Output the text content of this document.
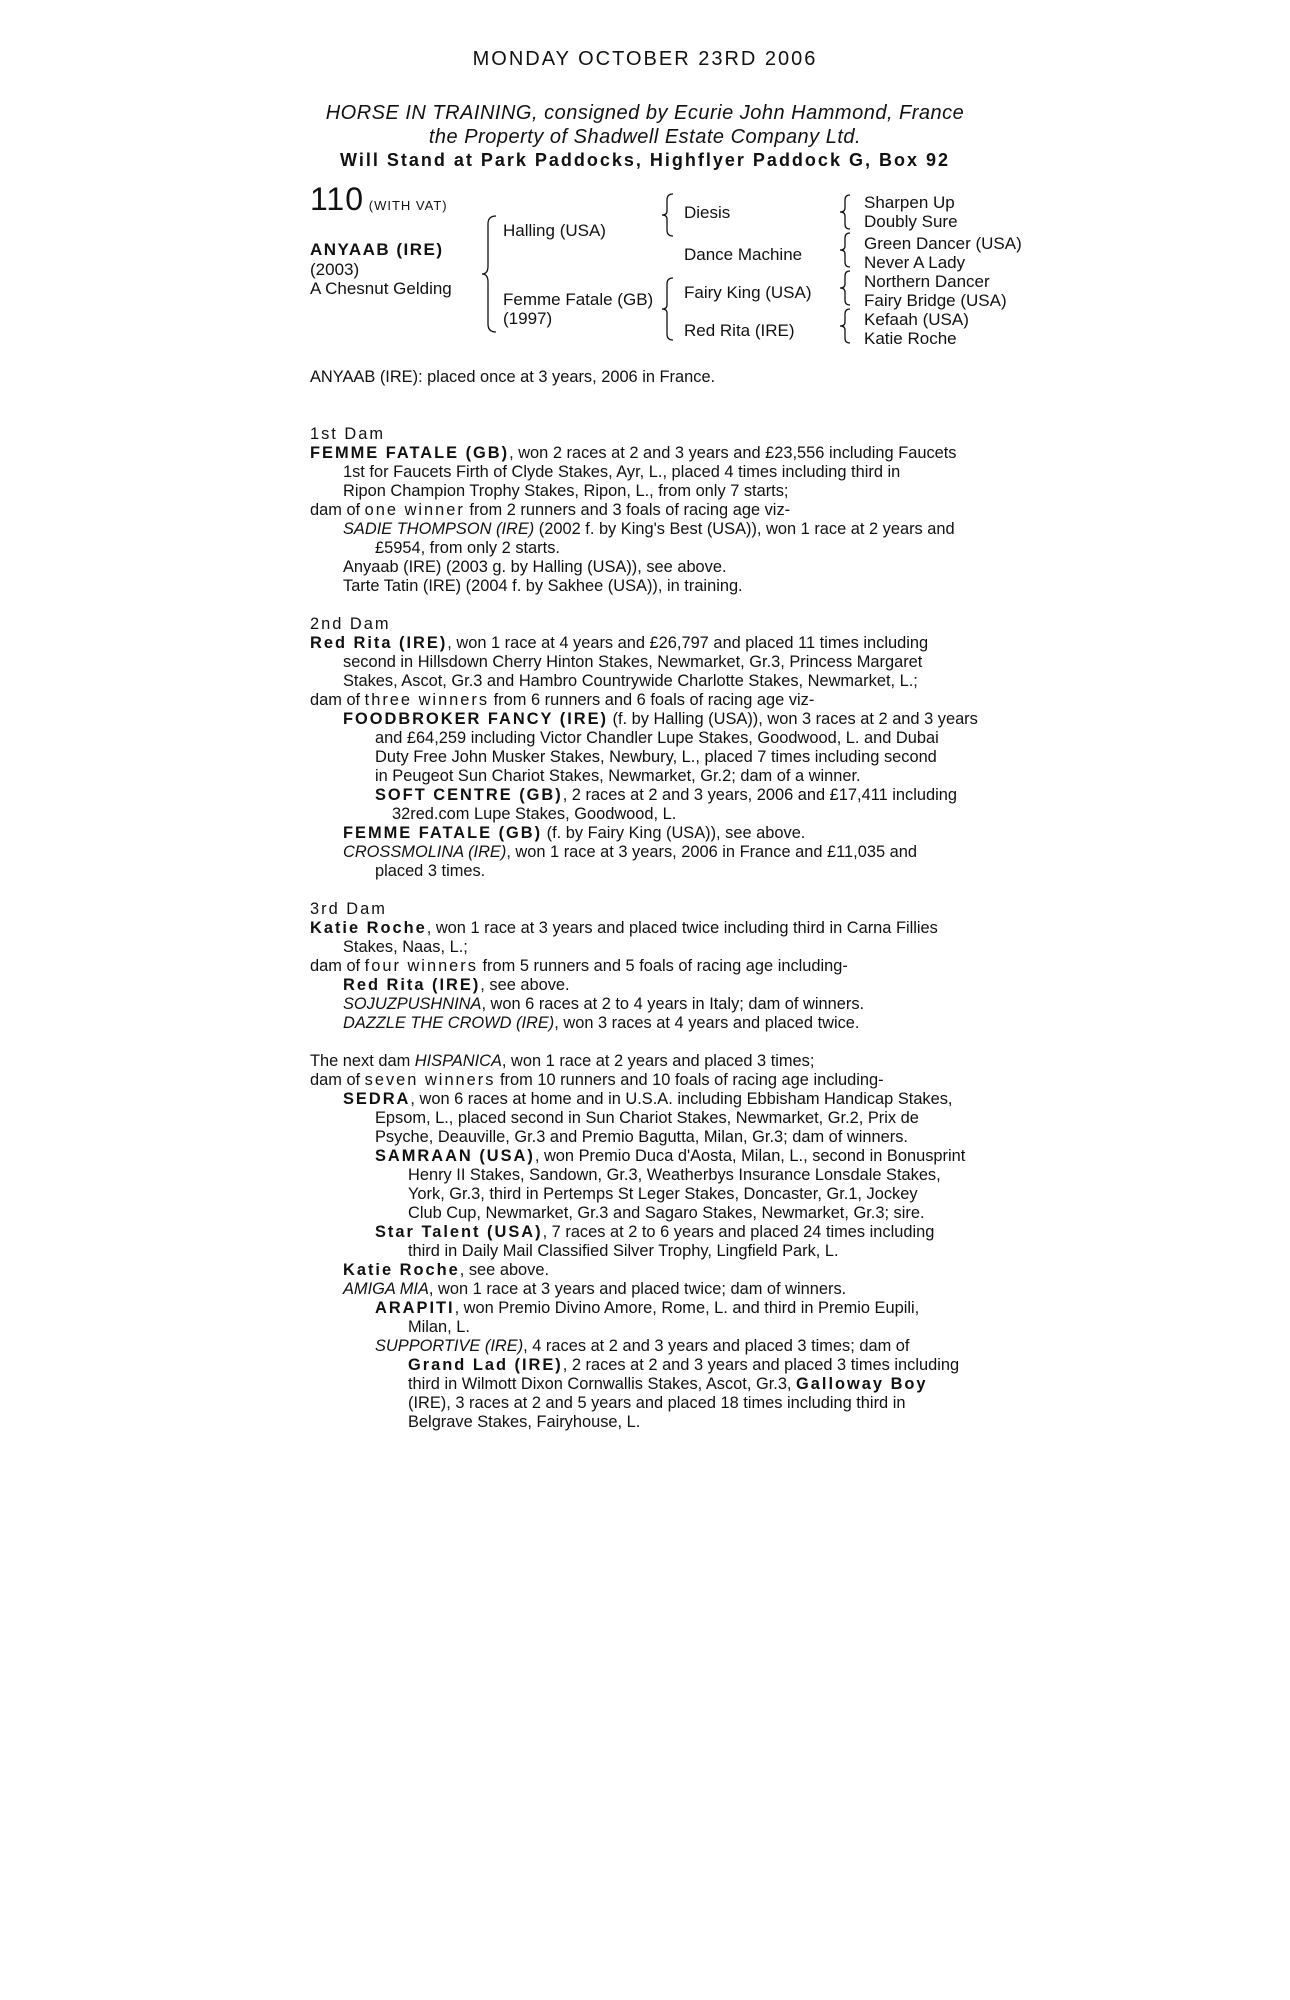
MONDAY OCTOBER 23RD 2006
HORSE IN TRAINING, consigned by Ecurie John Hammond, France
the Property of Shadwell Estate Company Ltd.
Will Stand at Park Paddocks, Highflyer Paddock G, Box 92
110 (WITH VAT)
ANYAAB (IRE)
(2003)
A Chesnut Gelding
Halling (USA)
Femme Fatale (GB)
(1997)
Diesis
Dance Machine
Fairy King (USA)
Red Rita (IRE)
Sharpen Up
Doubly Sure
Green Dancer (USA)
Never A Lady
Northern Dancer
Fairy Bridge (USA)
Kefaah (USA)
Katie Roche
ANYAAB (IRE): placed once at 3 years, 2006 in France.
1st Dam
FEMME FATALE (GB), won 2 races at 2 and 3 years and £23,556 including Faucets
1st for Faucets Firth of Clyde Stakes, Ayr, L., placed 4 times including third in
Ripon Champion Trophy Stakes, Ripon, L., from only 7 starts;
dam of one winner from 2 runners and 3 foals of racing age viz-
SADIE THOMPSON (IRE) (2002 f. by King's Best (USA)), won 1 race at 2 years and
£5954, from only 2 starts.
Anyaab (IRE) (2003 g. by Halling (USA)), see above.
Tarte Tatin (IRE) (2004 f. by Sakhee (USA)), in training.
2nd Dam
Red Rita (IRE), won 1 race at 4 years and £26,797 and placed 11 times including
second in Hillsdown Cherry Hinton Stakes, Newmarket, Gr.3, Princess Margaret
Stakes, Ascot, Gr.3 and Hambro Countrywide Charlotte Stakes, Newmarket, L.;
dam of three winners from 6 runners and 6 foals of racing age viz-
FOODBROKER FANCY (IRE) (f. by Halling (USA)), won 3 races at 2 and 3 years
and £64,259 including Victor Chandler Lupe Stakes, Goodwood, L. and Dubai
Duty Free John Musker Stakes, Newbury, L., placed 7 times including second
in Peugeot Sun Chariot Stakes, Newmarket, Gr.2; dam of a winner.
SOFT CENTRE (GB), 2 races at 2 and 3 years, 2006 and £17,411 including
32red.com Lupe Stakes, Goodwood, L.
FEMME FATALE (GB) (f. by Fairy King (USA)), see above.
CROSSMOLINA (IRE), won 1 race at 3 years, 2006 in France and £11,035 and
placed 3 times.
3rd Dam
Katie Roche, won 1 race at 3 years and placed twice including third in Carna Fillies
Stakes, Naas, L.;
dam of four winners from 5 runners and 5 foals of racing age including-
Red Rita (IRE), see above.
SOJUZPUSHNINA, won 6 races at 2 to 4 years in Italy; dam of winners.
DAZZLE THE CROWD (IRE), won 3 races at 4 years and placed twice.
The next dam HISPANICA, won 1 race at 2 years and placed 3 times;
dam of seven winners from 10 runners and 10 foals of racing age including-
SEDRA, won 6 races at home and in U.S.A. including Ebbisham Handicap Stakes,
Epsom, L., placed second in Sun Chariot Stakes, Newmarket, Gr.2, Prix de
Psyche, Deauville, Gr.3 and Premio Bagutta, Milan, Gr.3; dam of winners.
SAMRAAN (USA), won Premio Duca d'Aosta, Milan, L., second in Bonusprint
Henry II Stakes, Sandown, Gr.3, Weatherbys Insurance Lonsdale Stakes,
York, Gr.3, third in Pertemps St Leger Stakes, Doncaster, Gr.1, Jockey
Club Cup, Newmarket, Gr.3 and Sagaro Stakes, Newmarket, Gr.3; sire.
Star Talent (USA), 7 races at 2 to 6 years and placed 24 times including
third in Daily Mail Classified Silver Trophy, Lingfield Park, L.
Katie Roche, see above.
AMIGA MIA, won 1 race at 3 years and placed twice; dam of winners.
ARAPITI, won Premio Divino Amore, Rome, L. and third in Premio Eupili,
Milan, L.
SUPPORTIVE (IRE), 4 races at 2 and 3 years and placed 3 times; dam of
Grand Lad (IRE), 2 races at 2 and 3 years and placed 3 times including
third in Wilmott Dixon Cornwallis Stakes, Ascot, Gr.3, Galloway Boy
(IRE), 3 races at 2 and 5 years and placed 18 times including third in
Belgrave Stakes, Fairyhouse, L.
